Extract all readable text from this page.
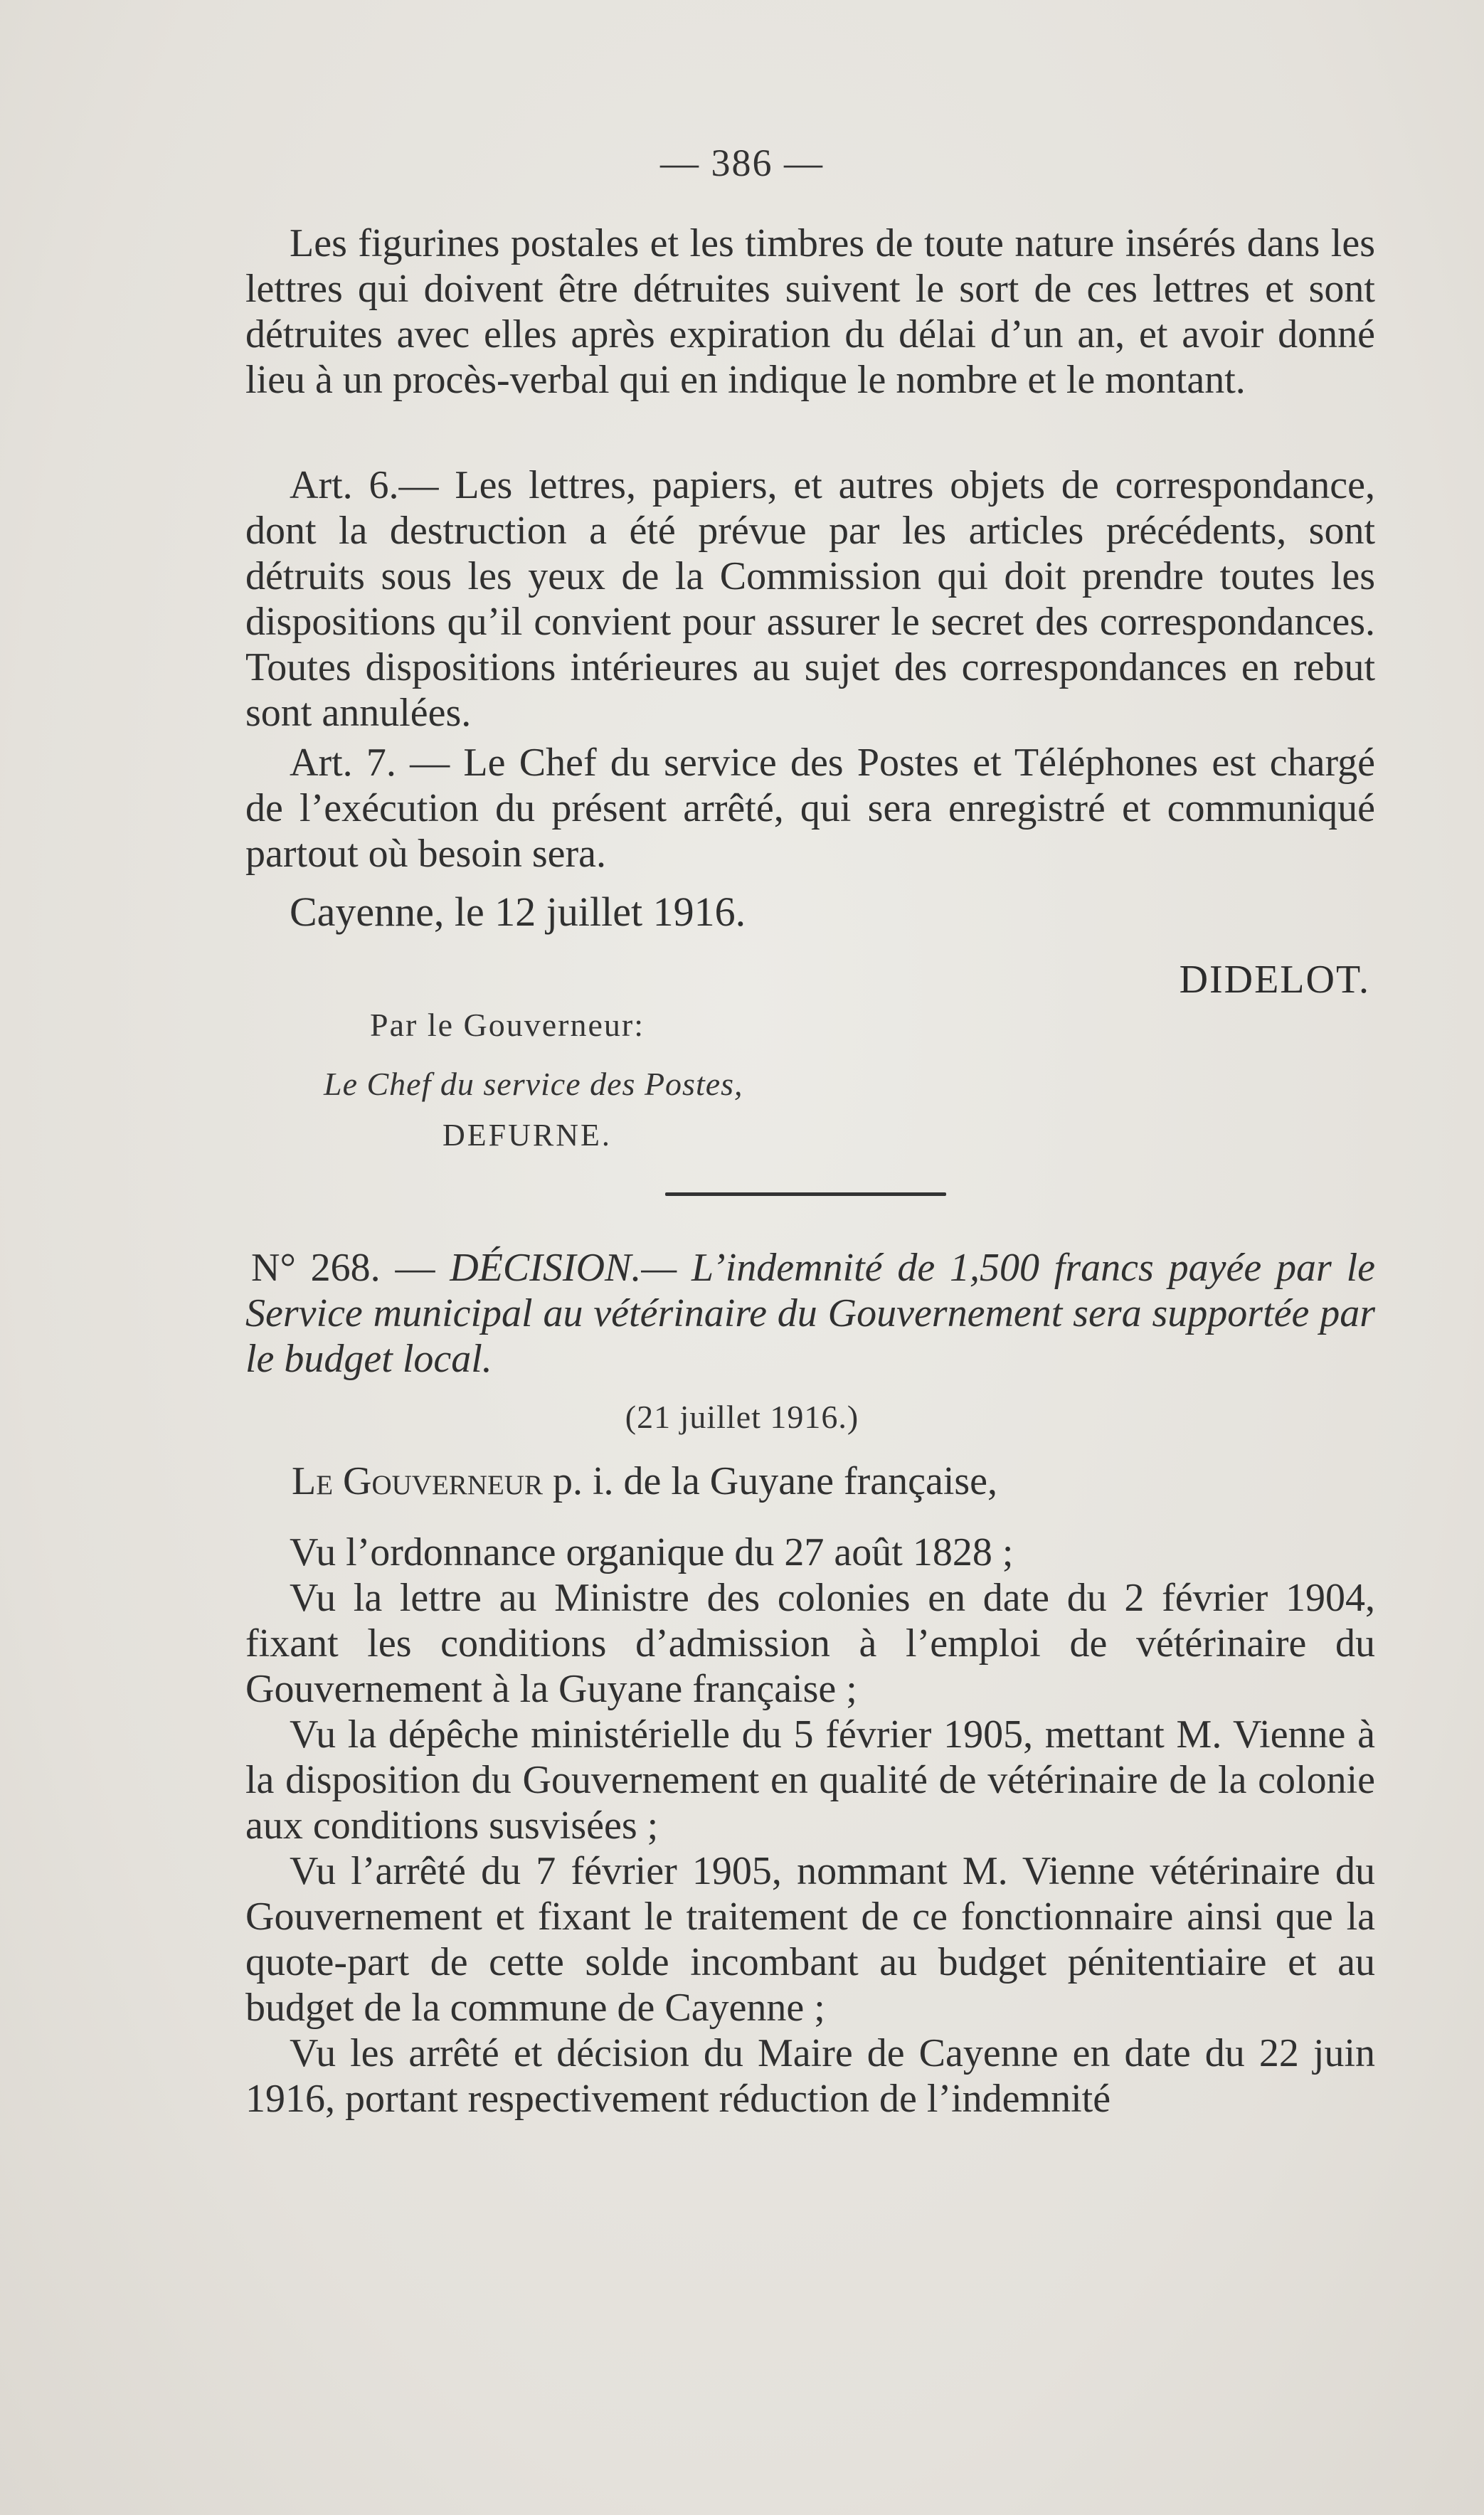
— 386 —

Les figurines postales et les timbres de toute nature insérés dans les lettres qui doivent être détruites suivent le sort de ces lettres et sont détruites avec elles après expiration du délai d’un an, et avoir donné lieu à un procès-verbal qui en indique le nombre et le montant.

Art. 6.— Les lettres, papiers, et autres objets de correspondance, dont la destruction a été prévue par les articles précédents, sont détruits sous les yeux de la Commission qui doit prendre toutes les dispositions qu’il convient pour assurer le secret des correspondances. Toutes dispositions intérieures au sujet des correspondances en rebut sont annulées.

Art. 7. — Le Chef du service des Postes et Téléphones est chargé de l’exécution du présent arrêté, qui sera enregistré et communiqué partout où besoin sera.

Cayenne, le 12 juillet 1916.

DIDELOT.
Par le Gouverneur:
Le Chef du service des Postes,
DEFURNE.
N° 268. — DÉCISION.— L’indemnité de 1,500 francs payée par le Service municipal au vétérinaire du Gouvernement sera supportée par le budget local.
(21 juillet 1916.)
Le Gouverneur p. i. de la Guyane française,

Vu l’ordonnance organique du 27 août 1828 ;

Vu la lettre au Ministre des colonies en date du 2 février 1904, fixant les conditions d’admission à l’emploi de vétérinaire du Gouvernement à la Guyane française ;

Vu la dépêche ministérielle du 5 février 1905, mettant M. Vienne à la disposition du Gouvernement en qualité de vétérinaire de la colonie aux conditions susvisées ;

Vu l’arrêté du 7 février 1905, nommant M. Vienne vétérinaire du Gouvernement et fixant le traitement de ce fonctionnaire ainsi que la quote-part de cette solde incombant au budget pénitentiaire et au budget de la commune de Cayenne ;

Vu les arrêté et décision du Maire de Cayenne en date du 22 juin 1916, portant respectivement réduction de l’indemnité
